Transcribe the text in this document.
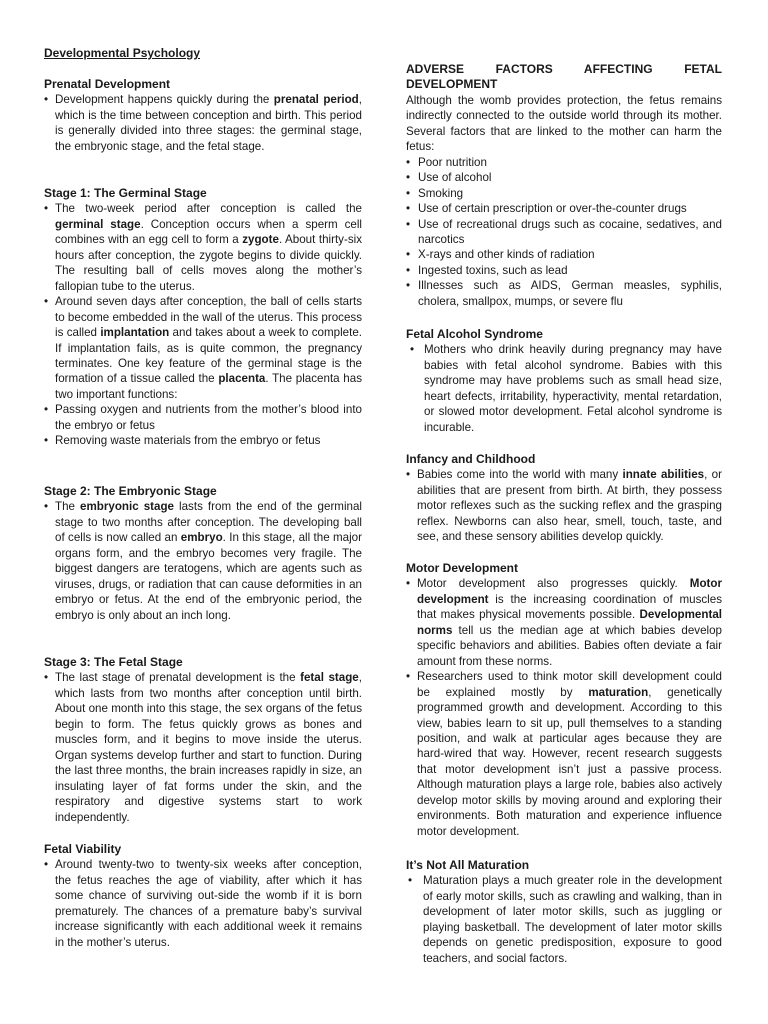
Developmental Psychology

Prenatal Development

• Development happens quickly during the prenatal period, which is the time between conception and birth. This period is generally divided into three stages: the germinal stage, the embryonic stage, and the fetal stage.

Stage 1: The Germinal Stage

• The two-week period after conception is called the germinal stage. Conception occurs when a sperm cell combines with an egg cell to form a zygote. About thirty-six hours after conception, the zygote begins to divide quickly. The resulting ball of cells moves along the mother’s fallopian tube to the uterus.
• Around seven days after conception, the ball of cells starts to become embedded in the wall of the uterus. This process is called implantation and takes about a week to complete. If implantation fails, as is quite common, the pregnancy terminates. One key feature of the germinal stage is the formation of a tissue called the placenta. The placenta has two important functions:
• Passing oxygen and nutrients from the mother’s blood into the embryo or fetus
• Removing waste materials from the embryo or fetus

Stage 2: The Embryonic Stage

• The embryonic stage lasts from the end of the germinal stage to two months after conception. The developing ball of cells is now called an embryo. In this stage, all the major organs form, and the embryo becomes very fragile. The biggest dangers are teratogens, which are agents such as viruses, drugs, or radiation that can cause deformities in an embryo or fetus. At the end of the embryonic period, the embryo is only about an inch long.

Stage 3: The Fetal Stage

• The last stage of prenatal development is the fetal stage, which lasts from two months after conception until birth. About one month into this stage, the sex organs of the fetus begin to form. The fetus quickly grows as bones and muscles form, and it begins to move inside the uterus. Organ systems develop further and start to function. During the last three months, the brain increases rapidly in size, an insulating layer of fat forms under the skin, and the respiratory and digestive systems start to work independently.

Fetal Viability

• Around twenty-two to twenty-six weeks after conception, the fetus reaches the age of viability, after which it has some chance of surviving out-side the womb if it is born prematurely. The chances of a premature baby’s survival increase significantly with each additional week it remains in the mother’s uterus.

ADVERSE FACTORS AFFECTING FETAL DEVELOPMENT

Although the womb provides protection, the fetus remains indirectly connected to the outside world through its mother. Several factors that are linked to the mother can harm the fetus:

• Poor nutrition
• Use of alcohol
• Smoking
• Use of certain prescription or over-the-counter drugs
• Use of recreational drugs such as cocaine, sedatives, and narcotics
• X-rays and other kinds of radiation
• Ingested toxins, such as lead
• Illnesses such as AIDS, German measles, syphilis, cholera, smallpox, mumps, or severe flu

Fetal Alcohol Syndrome

• Mothers who drink heavily during pregnancy may have babies with fetal alcohol syndrome. Babies with this syndrome may have problems such as small head size, heart defects, irritability, hyperactivity, mental retardation, or slowed motor development. Fetal alcohol syndrome is incurable.

Infancy and Childhood

• Babies come into the world with many innate abilities, or abilities that are present from birth. At birth, they possess motor reflexes such as the sucking reflex and the grasping reflex. Newborns can also hear, smell, touch, taste, and see, and these sensory abilities develop quickly.

Motor Development

• Motor development also progresses quickly. Motor development is the increasing coordination of muscles that makes physical movements possible. Developmental norms tell us the median age at which babies develop specific behaviors and abilities. Babies often deviate a fair amount from these norms.
• Researchers used to think motor skill development could be explained mostly by maturation, genetically programmed growth and development. According to this view, babies learn to sit up, pull themselves to a standing position, and walk at particular ages because they are hard-wired that way. However, recent research suggests that motor development isn’t just a passive process. Although maturation plays a large role, babies also actively develop motor skills by moving around and exploring their environments. Both maturation and experience influence motor development.

It’s Not All Maturation

• Maturation plays a much greater role in the development of early motor skills, such as crawling and walking, than in development of later motor skills, such as juggling or playing basketball. The development of later motor skills depends on genetic predisposition, exposure to good teachers, and social factors.
